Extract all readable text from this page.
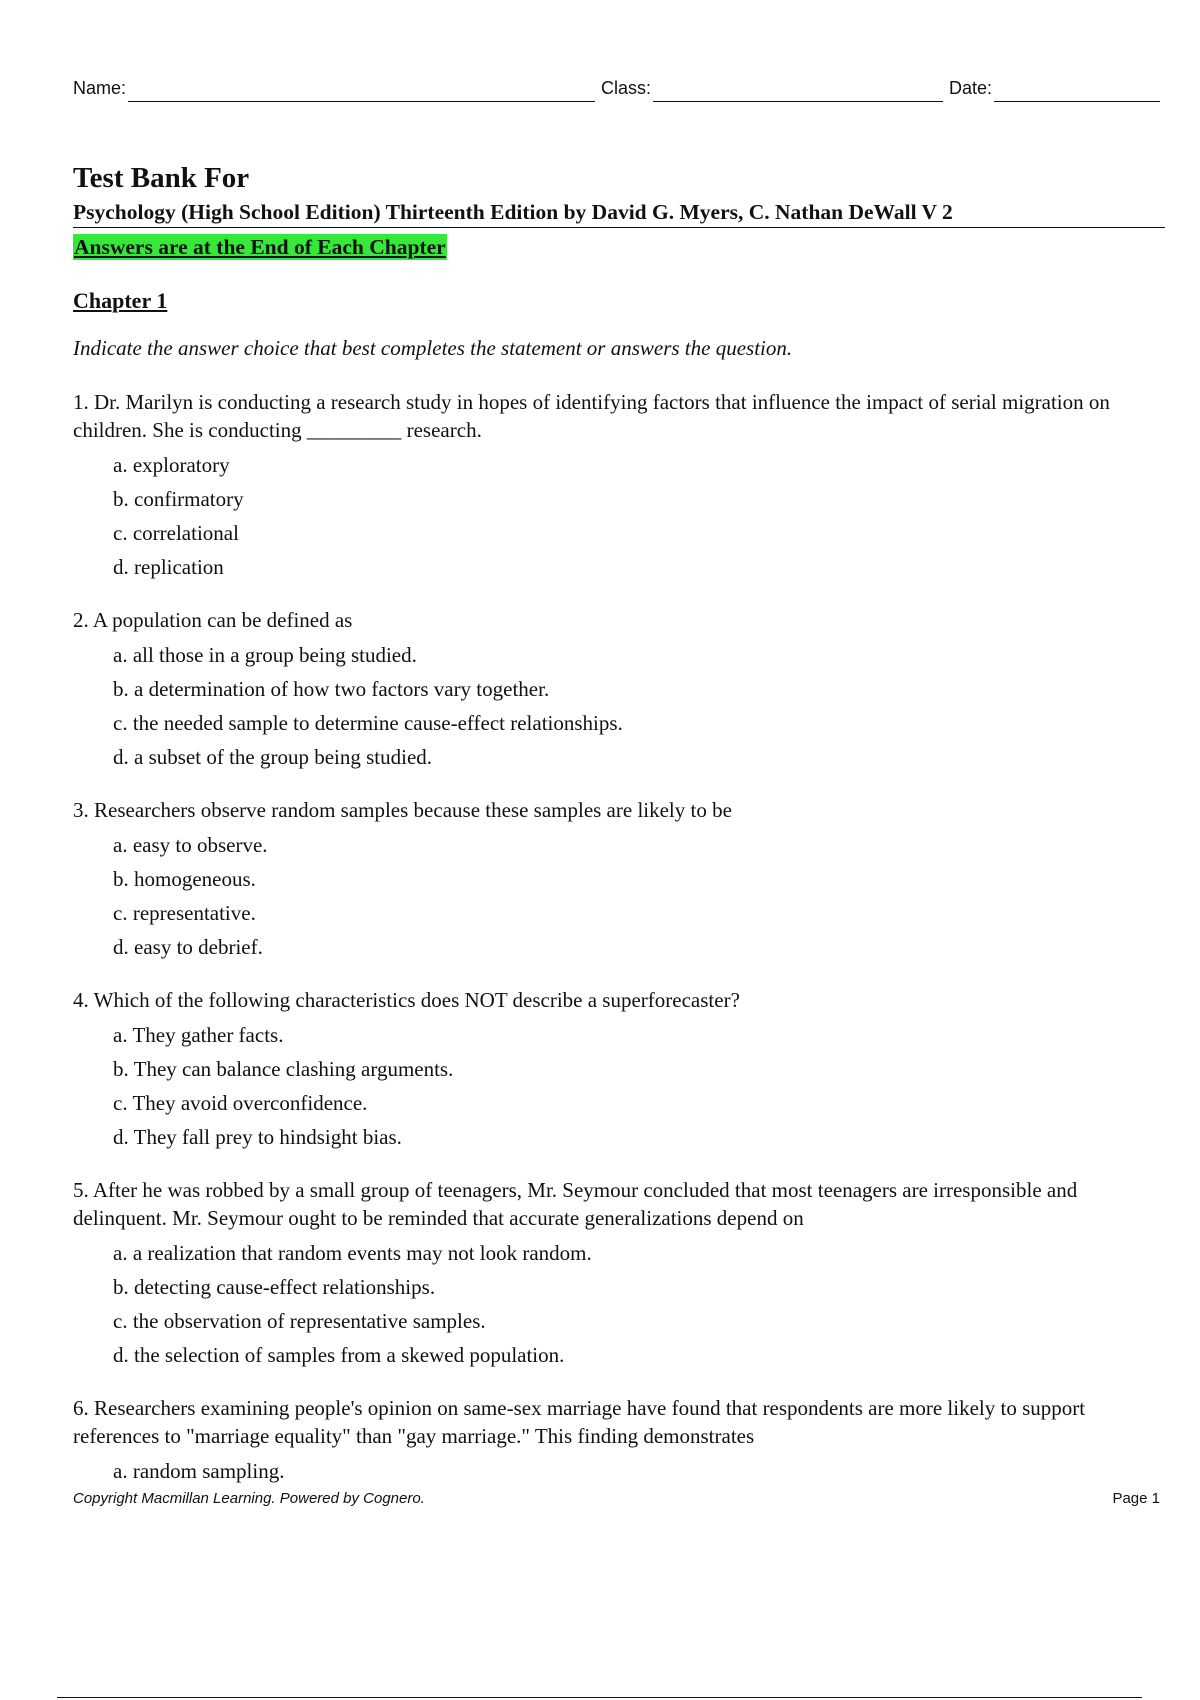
Name:	Class:	Date:
Test Bank For
Psychology (High School Edition) Thirteenth Edition by David G. Myers, C. Nathan DeWall V 2
Answers are at the End of Each Chapter
Chapter 1
Indicate the answer choice that best completes the statement or answers the question.

1. Dr. Marilyn is conducting a research study in hopes of identifying factors that influence the impact of serial migration on children. She is conducting _________ research.

a. exploratory
b. confirmatory
c. correlational
d. replication

2. A population can be defined as

a. all those in a group being studied.
b. a determination of how two factors vary together.
c. the needed sample to determine cause-effect relationships.
d. a subset of the group being studied.

3. Researchers observe random samples because these samples are likely to be

a. easy to observe.
b. homogeneous.
c. representative.
d. easy to debrief.

4. Which of the following characteristics does NOT describe a superforecaster?

a. They gather facts.
b. They can balance clashing arguments.
c. They avoid overconfidence.
d. They fall prey to hindsight bias.

5. After he was robbed by a small group of teenagers, Mr. Seymour concluded that most teenagers are irresponsible and delinquent. Mr. Seymour ought to be reminded that accurate generalizations depend on

a. a realization that random events may not look random.
b. detecting cause-effect relationships.
c. the observation of representative samples.
d. the selection of samples from a skewed population.

6. Researchers examining people's opinion on same-sex marriage have found that respondents are more likely to support references to "marriage equality" than "gay marriage." This finding demonstrates

a. random sampling.
Copyright Macmillan Learning. Powered by Cognero.	Page 1
